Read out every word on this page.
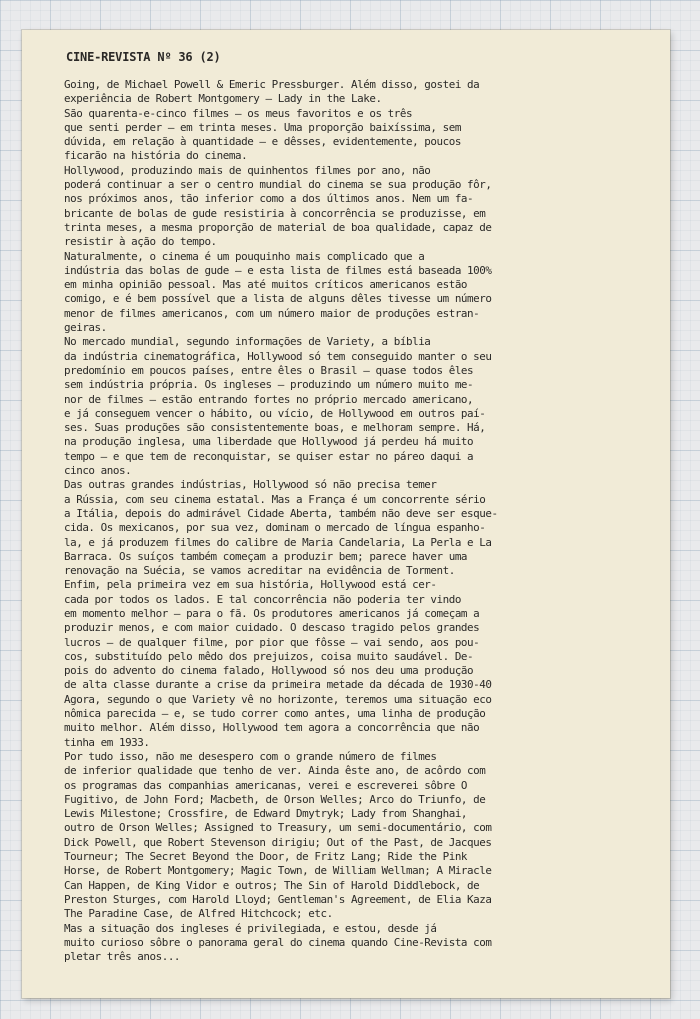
CINE-REVISTA Nº 36 (2)
Going, de Michael Powell & Emeric Pressburger. Além disso, gostei da
experiência de Robert Montgomery — Lady in the Lake.
São quarenta-e-cinco filmes — os meus favoritos e os três
que senti perder — em trinta meses. Uma proporção baixíssima, sem
dúvida, em relação à quantidade — e dêsses, evidentemente, poucos
ficarão na história do cinema.
Hollywood, produzindo mais de quinhentos filmes por ano, não
poderá continuar a ser o centro mundial do cinema se sua produção fôr,
nos próximos anos, tão inferior como a dos últimos anos. Nem um fa-
bricante de bolas de gude resistiria à concorrência se produzisse, em
trinta meses, a mesma proporção de material de boa qualidade, capaz de
resistir à ação do tempo.
Naturalmente, o cinema é um pouquinho mais complicado que a
indústria das bolas de gude — e esta lista de filmes está baseada 100%
em minha opinião pessoal. Mas até muitos críticos americanos estão
comigo, e é bem possível que a lista de alguns dêles tivesse um número
menor de filmes americanos, com um número maior de produções estran-
geiras.
No mercado mundial, segundo informações de Variety, a bíblia
da indústria cinematográfica, Hollywood só tem conseguido manter o seu
predomínio em poucos países, entre êles o Brasil — quase todos êles
sem indústria própria. Os ingleses — produzindo um número muito me-
nor de filmes — estão entrando fortes no próprio mercado americano,
e já conseguem vencer o hábito, ou vício, de Hollywood em outros paí-
ses. Suas produções são consistentemente boas, e melhoram sempre. Há,
na produção inglesa, uma liberdade que Hollywood já perdeu há muito
tempo — e que tem de reconquistar, se quiser estar no páreo daqui a
cinco anos.
Das outras grandes indústrias, Hollywood só não precisa temer
a Rússia, com seu cinema estatal. Mas a França é um concorrente sério
a Itália, depois do admirável Cidade Aberta, também não deve ser esque-
cida. Os mexicanos, por sua vez, dominam o mercado de língua espanho-
la, e já produzem filmes do calibre de Maria Candelaria, La Perla e La
Barraca. Os suíços também começam a produzir bem; parece haver uma
renovação na Suécia, se vamos acreditar na evidência de Torment.
Enfim, pela primeira vez em sua história, Hollywood está cer-
cada por todos os lados. E tal concorrência não poderia ter vindo
em momento melhor — para o fã. Os produtores americanos já começam a
produzir menos, e com maior cuidado. O descaso tragido pelos grandes
lucros — de qualquer filme, por pior que fôsse — vai sendo, aos pou-
cos, substituído pelo mêdo dos prejuizos, coisa muito saudável. De-
pois do advento do cinema falado, Hollywood só nos deu uma produção
de alta classe durante a crise da primeira metade da década de 1930-40
Agora, segundo o que Variety vê no horizonte, teremos uma situação eco
nômica parecida — e, se tudo correr como antes, uma linha de produção
muito melhor. Além disso, Hollywood tem agora a concorrência que não
tinha em 1933.
Por tudo isso, não me desespero com o grande número de filmes
de inferior qualidade que tenho de ver. Ainda êste ano, de acôrdo com
os programas das companhias americanas, verei e escreverei sôbre O
Fugitivo, de John Ford; Macbeth, de Orson Welles; Arco do Triunfo, de
Lewis Milestone; Crossfire, de Edward Dmytryk; Lady from Shanghai,
outro de Orson Welles; Assigned to Treasury, um semi-documentário, com
Dick Powell, que Robert Stevenson dirigiu; Out of the Past, de Jacques
Tourneur; The Secret Beyond the Door, de Fritz Lang; Ride the Pink
Horse, de Robert Montgomery; Magic Town, de William Wellman; A Miracle
Can Happen, de King Vidor e outros; The Sin of Harold Diddlebock, de
Preston Sturges, com Harold Lloyd; Gentleman's Agreement, de Elia Kaza
The Paradine Case, de Alfred Hitchcock; etc.
Mas a situação dos ingleses é privilegiada, e estou, desde já
muito curioso sôbre o panorama geral do cinema quando Cine-Revista com
pletar três anos...
